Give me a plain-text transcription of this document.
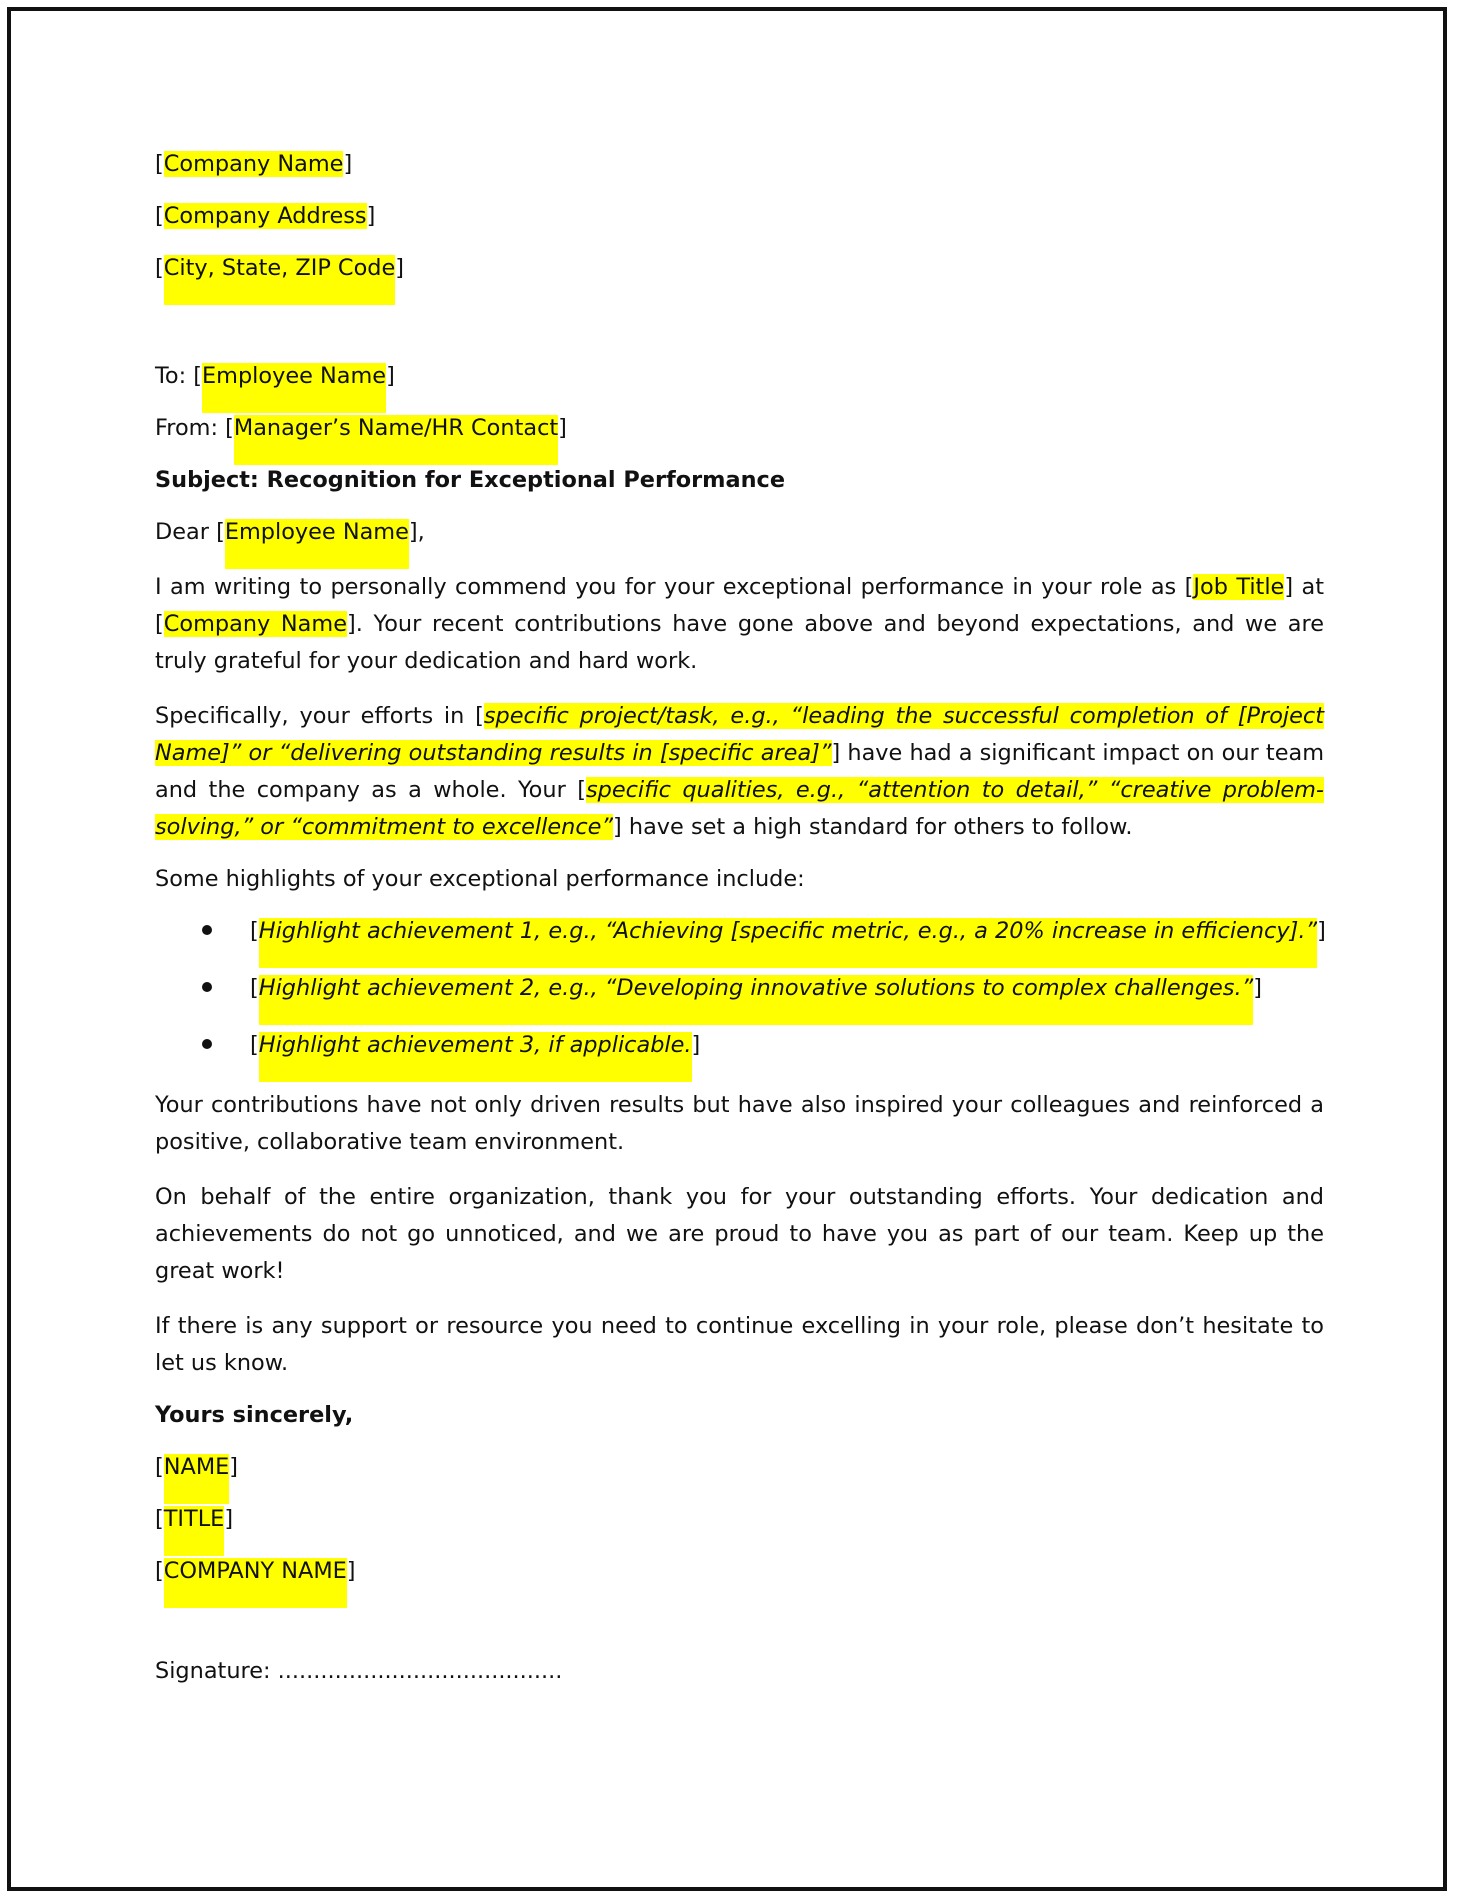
[Company Name]
[Company Address]
[City, State, ZIP Code]
To: [Employee Name]
From: [Manager’s Name/HR Contact]
Subject: Recognition for Exceptional Performance
Dear [Employee Name],

I am writing to personally commend you for your exceptional performance in your role as [Job Title] at [Company Name]. Your recent contributions have gone above and beyond expectations, and we are truly grateful for your dedication and hard work.

Specifically, your efforts in [specific project/task, e.g., “leading the successful completion of [Project Name]” or “delivering outstanding results in [specific area]”] have had a significant impact on our team and the company as a whole. Your [specific qualities, e.g., “attention to detail,” “creative problem-solving,” or “commitment to excellence”] have set a high standard for others to follow.

Some highlights of your exceptional performance include:
[Highlight achievement 1, e.g., “Achieving [specific metric, e.g., a 20% increase in efficiency].”]
[Highlight achievement 2, e.g., “Developing innovative solutions to complex challenges.”]
[Highlight achievement 3, if applicable.]

Your contributions have not only driven results but have also inspired your colleagues and reinforced a positive, collaborative team environment.

On behalf of the entire organization, thank you for your outstanding efforts. Your dedication and achievements do not go unnoticed, and we are proud to have you as part of our team. Keep up the great work!

If there is any support or resource you need to continue excelling in your role, please don’t hesitate to let us know.

Yours sincerely,
[NAME]
[TITLE]
[COMPANY NAME]
Signature: ........................................
